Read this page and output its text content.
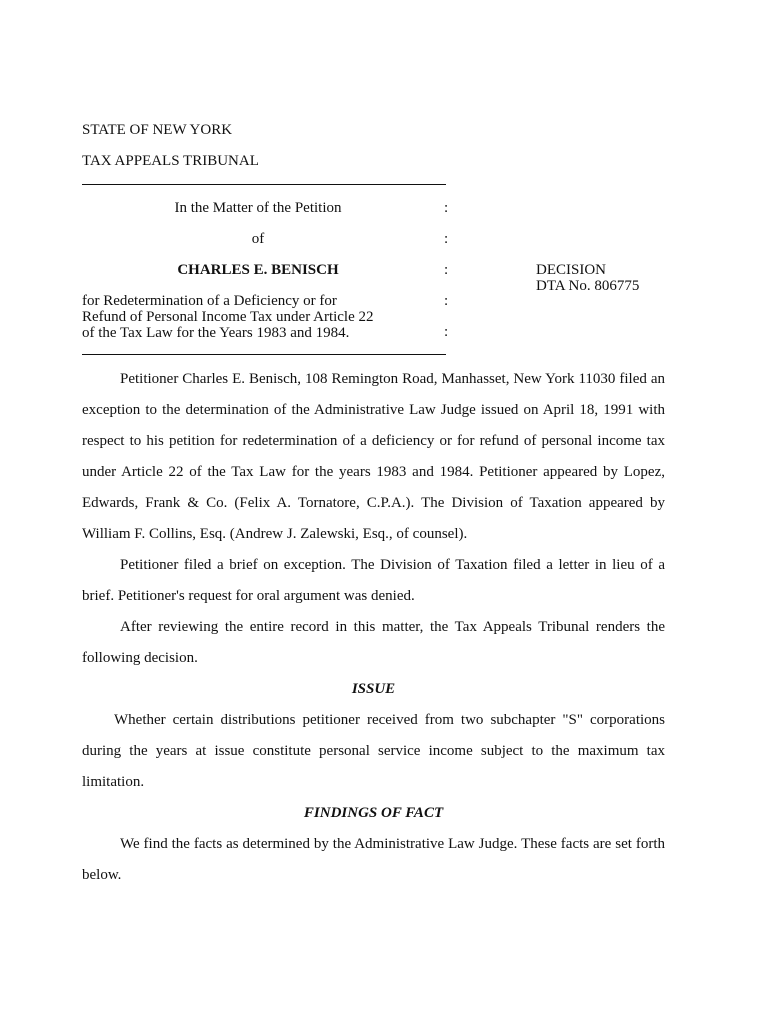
STATE OF NEW YORK
TAX APPEALS TRIBUNAL
In the Matter of the Petition
of
CHARLES E. BENISCH
for Redetermination of a Deficiency or for
Refund of Personal Income Tax under Article 22
of the Tax Law for the Years 1983 and 1984.
:
:
:
:
:
DECISION
DTA No. 806775

Petitioner Charles E. Benisch, 108 Remington Road, Manhasset, New York 11030 filed an exception to the determination of the Administrative Law Judge issued on April 18, 1991 with respect to his petition for redetermination of a deficiency or for refund of personal income tax under Article 22 of the Tax Law for the years 1983 and 1984. Petitioner appeared by Lopez, Edwards, Frank & Co. (Felix A. Tornatore, C.P.A.). The Division of Taxation appeared by William F. Collins, Esq. (Andrew J. Zalewski, Esq., of counsel).

Petitioner filed a brief on exception. The Division of Taxation filed a letter in lieu of a brief. Petitioner's request for oral argument was denied.

After reviewing the entire record in this matter, the Tax Appeals Tribunal renders the following decision.

ISSUE

Whether certain distributions petitioner received from two subchapter "S" corporations during the years at issue constitute personal service income subject to the maximum tax limitation.

FINDINGS OF FACT

We find the facts as determined by the Administrative Law Judge. These facts are set forth below.
